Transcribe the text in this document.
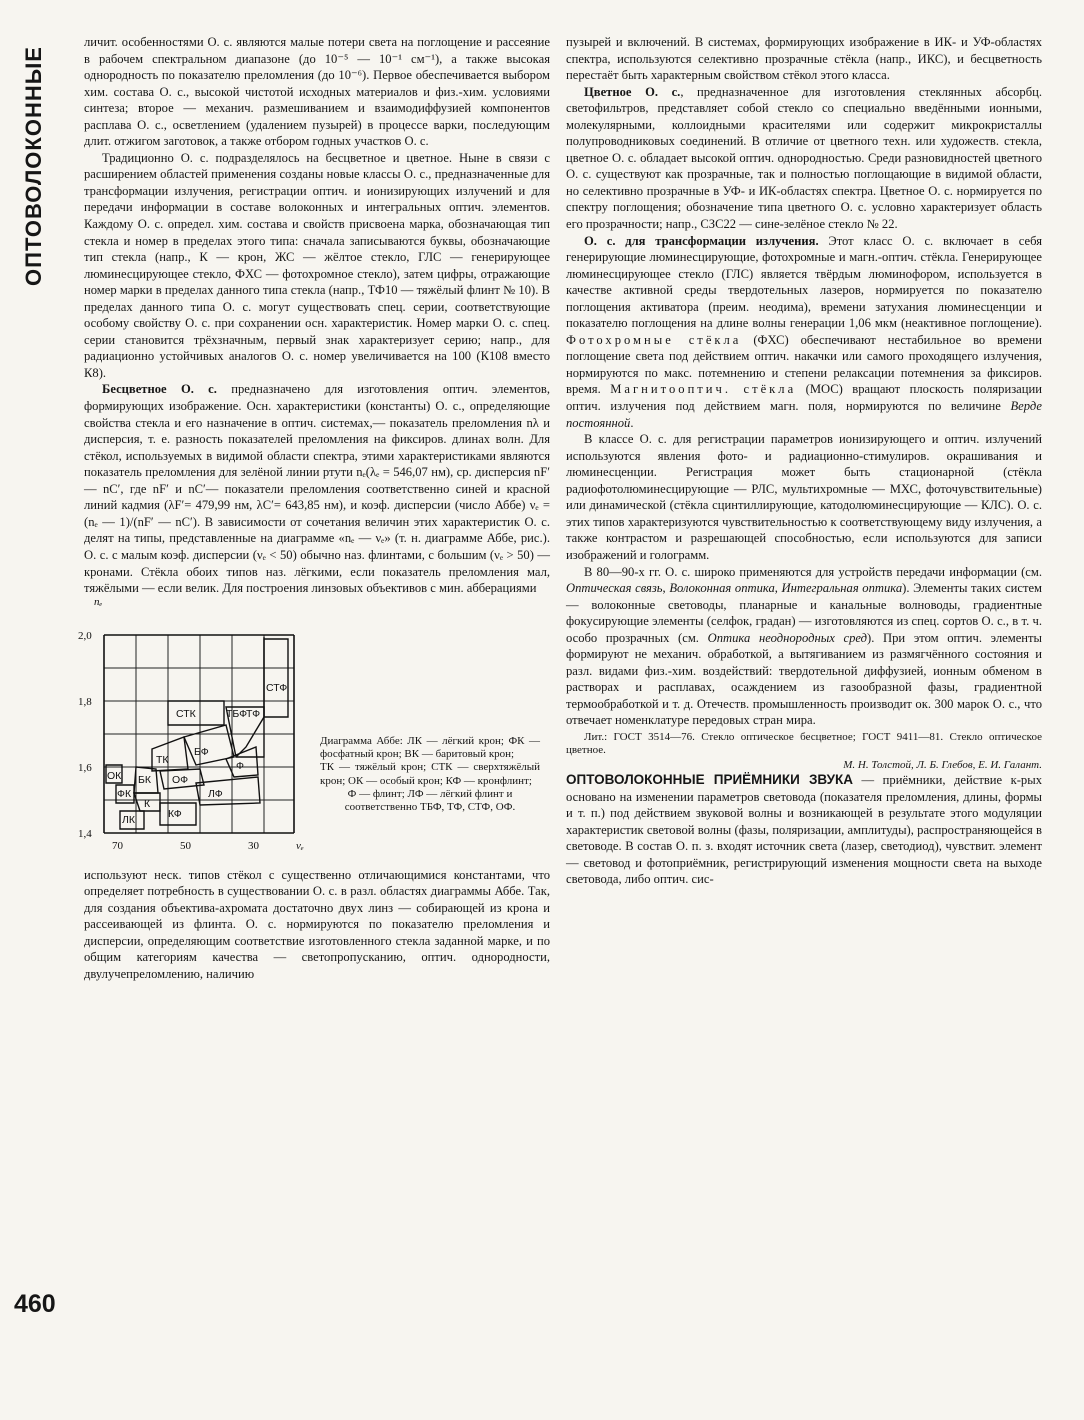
ОПТОВОЛОКОННЫЕ
460

личит. особенностями О. с. являются малые потери света на поглощение и рассеяние в рабочем спектральном диапазоне (до 10⁻⁵ — 10⁻¹ см⁻¹), а также высокая однородность по показателю преломления (до 10⁻⁶). Первое обеспечивается выбором хим. состава О. с., высокой чистотой исходных материалов и физ.-хим. условиями синтеза; второе — механич. размешиванием и взаимодиффузией компонентов расплава О. с., осветлением (удалением пузырей) в процессе варки, последующим длит. отжигом заготовок, а также отбором годных участков О. с.

Традиционно О. с. подразделялось на бесцветное и цветное. Ныне в связи с расширением областей применения созданы новые классы О. с., предназначенные для трансформации излучения, регистрации оптич. и ионизирующих излучений и для передачи информации в составе волоконных и интегральных оптич. элементов. Каждому О. с. определ. хим. состава и свойств присвоена марка, обозначающая тип стекла и номер в пределах этого типа: сначала записываются буквы, обозначающие тип стекла (напр., К — крон, ЖС — жёлтое стекло, ГЛС — генерирующее люминесцирующее стекло, ФХС — фотохромное стекло), затем цифры, отражающие номер марки в пределах данного типа стекла (напр., ТФ10 — тяжёлый флинт № 10). В пределах данного типа О. с. могут существовать спец. серии, соответствующие особому свойству О. с. при сохранении осн. характеристик. Номер марки О. с. спец. серии становится трёхзначным, первый знак характеризует серию; напр., для радиационно устойчивых аналогов О. с. номер увеличивается на 100 (К108 вместо К8).

Бесцветное О. с. предназначено для изготовления оптич. элементов, формирующих изображение. Осн. характеристики (константы) О. с., определяющие свойства стекла и его назначение в оптич. системах,— показатель преломления nλ и дисперсия, т. е. разность показателей преломления на фиксиров. длинах волн. Для стёкол, используемых в видимой области спектра, этими характеристиками являются показатель преломления для зелёной линии ртути nₑ(λₑ = 546,07 нм), ср. дисперсия nF′— nC′, где nF′ и nC′— показатели преломления соответственно синей и красной линий кадмия (λF′= 479,99 нм, λC′= 643,85 нм), и коэф. дисперсии (число Аббе) νₑ = (nₑ — 1)/(nF′ — nC′). В зависимости от сочетания величин этих характеристик О. с. делят на типы, представленные на диаграмме «nₑ — νₑ» (т. н. диаграмме Аббе, рис.). О. с. с малым коэф. дисперсии (νₑ < 50) обычно наз. флинтами, с большим (νₑ > 50) — кронами. Стёкла обоих типов наз. лёгкими, если показатель преломления мал, тяжёлыми — если велик. Для построения линзовых объективов с мин. абберациями

используют неск. типов стёкол с существенно отличающимися константами, что определяет потребность в существовании О. с. в разл. областях диаграммы Аббе. Так, для создания объектива-ахромата достаточно двух линз — собирающей из крона и рассеивающей из флинта. О. с. нормируются по показателю преломления и дисперсии, определяющим соответствие изготовленного стекла заданной марке, и по общим категориям качества — светопропусканию, оптич. однородности, двулучепреломлению, наличию

пузырей и включений. В системах, формирующих изображение в ИК- и УФ-областях спектра, используются селективно прозрачные стёкла (напр., ИКС), и бесцветность перестаёт быть характерным свойством стёкол этого класса.

Цветное О. с., предназначенное для изготовления стеклянных абсорбц. светофильтров, представляет собой стекло со специально введёнными ионными, молекулярными, коллоидными красителями или содержит микрокристаллы полупроводниковых соединений. В отличие от цветного техн. или художеств. стекла, цветное О. с. обладает высокой оптич. однородностью. Среди разновидностей цветного О. с. существуют как прозрачные, так и полностью поглощающие в видимой области, но селективно прозрачные в УФ- и ИК-областях спектра. Цветное О. с. нормируется по спектру поглощения; обозначение типа цветного О. с. условно характеризует область его прозрачности; напр., СЗС22 — сине-зелёное стекло № 22.

О. с. для трансформации излучения. Этот класс О. с. включает в себя генерирующие люминесцирующие, фотохромные и магн.-оптич. стёкла. Генерирующее люминесцирующее стекло (ГЛС) является твёрдым люминофором, используется в качестве активной среды твердотельных лазеров, нормируется по показателю поглощения активатора (преим. неодима), времени затухания люминесценции и показателю поглощения на длине волны генерации 1,06 мкм (неактивное поглощение). Фотохромные стёкла (ФХС) обеспечивают нестабильное во времени поглощение света под действием оптич. накачки или самого проходящего излучения, нормируются по макс. потемнению и степени релаксации потемнения за фиксиров. время. Магнитооптич. стёкла (МОС) вращают плоскость поляризации оптич. излучения под действием магн. поля, нормируются по величине Верде постоянной.

В классе О. с. для регистрации параметров ионизирующего и оптич. излучений используются явления фото- и радиационно-стимулиров. окрашивания и люминесценции. Регистрация может быть стационарной (стёкла радиофотолюминесцирующие — РЛС, мультихромные — МХС, фоточувствительные) или динамической (стёкла сцинтиллирующие, катодолюминесцирующие — КЛС). О. с. этих типов характеризуются чувствительностью к соответствующему виду излучения, а также контрастом и разрешающей способностью, если используются для записи изображений и голограмм.

В 80—90-х гг. О. с. широко применяются для устройств передачи информации (см. Оптическая связь, Волоконная оптика, Интегральная оптика). Элементы таких систем — волоконные световоды, планарные и канальные волноводы, градиентные фокусирующие элементы (селфок, градан) — изготовляются из спец. сортов О. с., в т. ч. особо прозрачных (см. Оптика неоднородных сред). При этом оптич. элементы формируют не механич. обработкой, а вытягиванием из размягчённого состояния и разл. видами физ.-хим. воздействий: твердотельной диффузией, ионным обменом в растворах и расплавах, осаждением из газообразной фазы, градиентной термообработкой и т. д. Отечеств. промышленность производит ок. 300 марок О. с., что отвечает номенклатуре передовых стран мира.

Лит.: ГОСТ 3514—76. Стекло оптическое бесцветное; ГОСТ 9411—81. Стекло оптическое цветное.

М. Н. Толстой, Л. Б. Глебов, Е. И. Галант.

ОПТОВОЛОКОННЫЕ ПРИЁМНИКИ ЗВУКА — приёмники, действие к-рых основано на изменении параметров световода (показателя преломления, длины, формы и т. п.) под действием звуковой волны и возникающей в результате этого модуляции характеристик световой волны (фазы, поляризации, амплитуды), распространяющейся в световоде. В состав О. п. з. входят источник света (лазер, светодиод), чувствит. элемент — световод и фотоприёмник, регистрирующий изменения мощности света на выходе световода, либо оптич. сис-

nₑ
2,0
1,8
1,6
1,4
70	50	30	νₑ
СТФ
ТБФ
ТФ
СТК
БФ
ТК	Ф
ОК БК ОФ
ФК	ЛФ
К
КФ
ЛК
Диаграмма Аббе: ЛК — лёгкий крон; ФК — фосфатный крон; ВК — баритовый крон;
ТК — тяжёлый крон; СТК — сверхтяжёлый крон; ОК — особый крон; КФ — кронфлинт;
Ф — флинт; ЛФ — лёгкий флинт и соответственно ТБФ, ТФ, СТФ, ОФ.
